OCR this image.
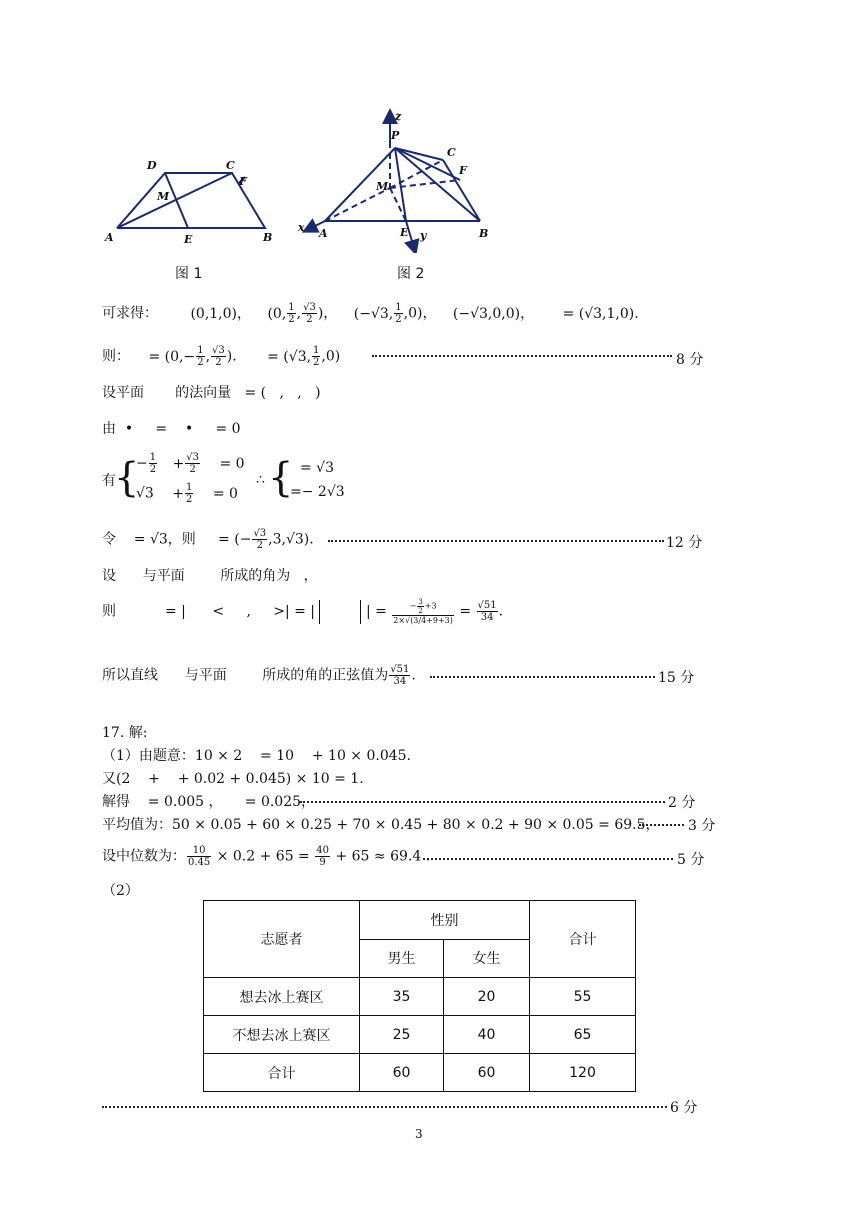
D	C
F
M
A	E	B
图 1
z
P
C
F
M
x A	E y	B
图 2
可求得： (0,1,0)， (0, $\frac{1}{2}$ , $\frac{√3}{2}$ )， (−√3, $\frac{1}{2} ,0$)， (−√3,0,0)， = (√3,1,0).
则： = ($0,- \frac{1}{2}$ , $\frac{√3}{2}$ ). = (√3, $\frac{1}{2} ,0$)	8 分
设平面       的法向量   = (   ,   ,   )
由  •     =    •     = 0
有
{
− $\frac{1}{2} + \frac{√3}{2} = 0$
$√3 + \frac{1}{2} = 0$
∴ { = √3
=− 2√3
令    = √3，则     = (− $\frac{√3}{2} ,3,√3$).	12 分
设      与平面        所成的角为   ，
则           = |      <     ,     >| = |	| = $\frac{- \frac{3}{2} +3}{2\times√(3/4+9+3)} = \frac{√51}{34}$ .
所以直线      与平面        所成的角的正弦值为 $\frac{√51}{34}$ .	15 分
17. 解:
（1）由题意：10 × 2    = 10    + 10 × 0.045.
又(2    +    + 0.02 + 0.045) × 10 = 1.
解得    = 0.005 ，     = 0.025，	2 分
平均值为：50 × 0.05 + 60 × 0.25 + 70 × 0.45 + 80 × 0.2 + 90 × 0.05 = 69.5， 3 分
设中位数为： $\frac{10}{0.45} \times 0.2 + 65 = \frac{40}{9} + 65 \approx 69.4$ .	5 分
（2）
志愿者	性别		合计
	男生	女生	
想去冰上赛区	35	20	55
不想去冰上赛区	25	40	65
合计	60	60	120
6 分
3
